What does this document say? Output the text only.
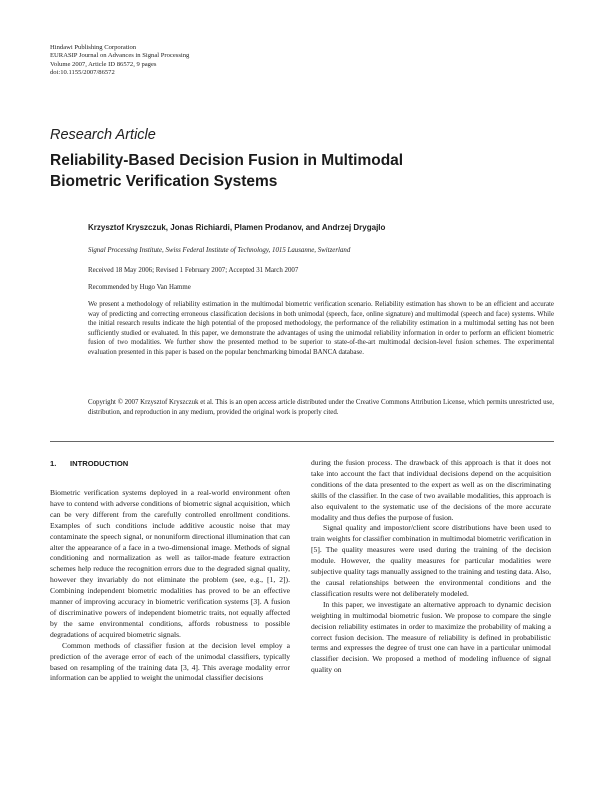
Hindawi Publishing Corporation
EURASIP Journal on Advances in Signal Processing
Volume 2007, Article ID 86572, 9 pages
doi:10.1155/2007/86572
Research Article
Reliability-Based Decision Fusion in Multimodal
Biometric Verification Systems
Krzysztof Kryszczuk, Jonas Richiardi, Plamen Prodanov, and Andrzej Drygajlo
Signal Processing Institute, Swiss Federal Institute of Technology, 1015 Lausanne, Switzerland
Received 18 May 2006; Revised 1 February 2007; Accepted 31 March 2007
Recommended by Hugo Van Hamme
We present a methodology of reliability estimation in the multimodal biometric verification scenario. Reliability estimation has shown to be an efficient and accurate way of predicting and correcting erroneous classification decisions in both unimodal (speech, face, online signature) and multimodal (speech and face) systems. While the initial research results indicate the high potential of the proposed methodology, the performance of the reliability estimation in a multimodal setting has not been sufficiently studied or evaluated. In this paper, we demonstrate the advantages of using the unimodal reliability information in order to perform an efficient biometric fusion of two modalities. We further show the presented method to be superior to state-of-the-art multimodal decision-level fusion schemes. The experimental evaluation presented in this paper is based on the popular benchmarking bimodal BANCA database.
Copyright © 2007 Krzysztof Kryszczuk et al. This is an open access article distributed under the Creative Commons Attribution License, which permits unrestricted use, distribution, and reproduction in any medium, provided the original work is properly cited.
1. INTRODUCTION

Biometric verification systems deployed in a real-world environment often have to contend with adverse conditions of biometric signal acquisition, which can be very different from the carefully controlled enrollment conditions. Examples of such conditions include additive acoustic noise that may contaminate the speech signal, or nonuniform directional illumination that can alter the appearance of a face in a two-dimensional image. Methods of signal conditioning and normalization as well as tailor-made feature extraction schemes help reduce the recognition errors due to the degraded signal quality, however they invariably do not eliminate the problem (see, e.g., [1, 2]). Combining independent biometric modalities has proved to be an effective manner of improving accuracy in biometric verification systems [3]. A fusion of discriminative powers of independent biometric traits, not equally affected by the same environmental conditions, affords robustness to possible degradations of acquired biometric signals.

Common methods of classifier fusion at the decision level employ a prediction of the average error of each of the unimodal classifiers, typically based on resampling of the training data [3, 4]. This average modality error information can be applied to weight the unimodal classifier decisions

during the fusion process. The drawback of this approach is that it does not take into account the fact that individual decisions depend on the acquisition conditions of the data presented to the expert as well as on the discriminating skills of the classifier. In the case of two available modalities, this approach is also equivalent to the systematic use of the decisions of the more accurate modality and thus defies the purpose of fusion.

Signal quality and impostor/client score distributions have been used to train weights for classifier combination in multimodal biometric verification in [5]. The quality measures were used during the training of the decision module. However, the quality measures for particular modalities were subjective quality tags manually assigned to the training and testing data. Also, the causal relationships between the environmental conditions and the classification results were not deliberately modeled.

In this paper, we investigate an alternative approach to dynamic decision weighting in multimodal biometric fusion. We propose to compare the single decision reliability estimates in order to maximize the probability of making a correct fusion decision. The measure of reliability is defined in probabilistic terms and expresses the degree of trust one can have in a particular unimodal classifier decision. We proposed a method of modeling influence of signal quality on
